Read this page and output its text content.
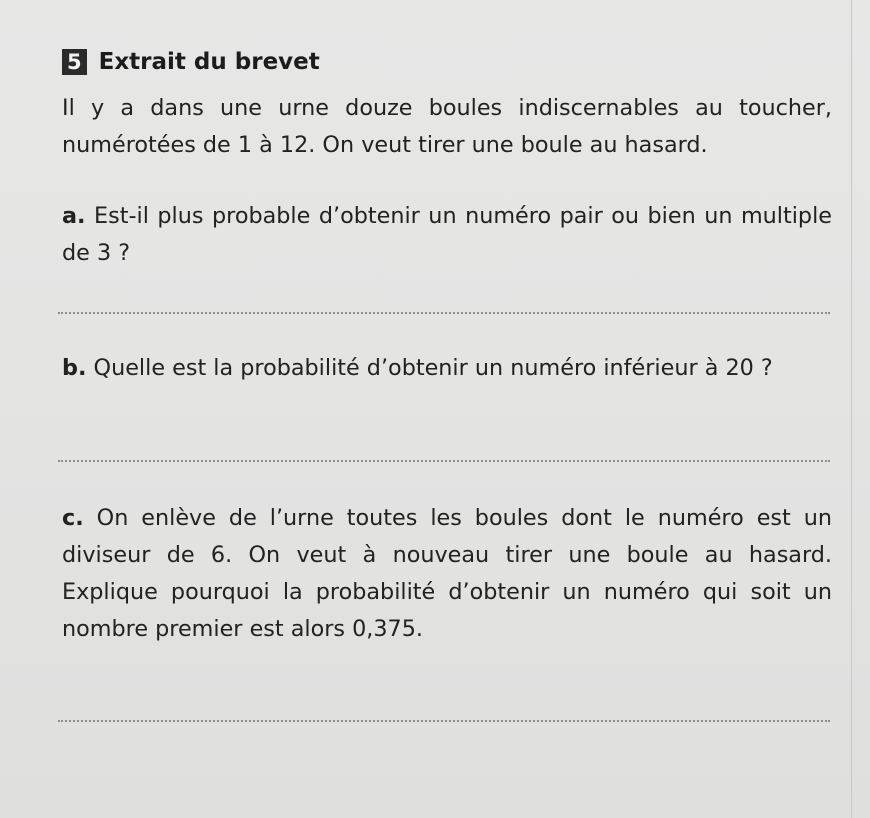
5 Extrait du brevet

Il y a dans une urne douze boules indiscernables au toucher, numérotées de 1 à 12. On veut tirer une boule au hasard.

a. Est-il plus probable d’obtenir un numéro pair ou bien un multiple de 3 ?

b. Quelle est la probabilité d’obtenir un numéro inférieur à 20 ?

c. On enlève de l’urne toutes les boules dont le numéro est un diviseur de 6. On veut à nouveau tirer une boule au hasard. Explique pourquoi la probabilité d’obtenir un numéro qui soit un nombre premier est alors 0,375.
